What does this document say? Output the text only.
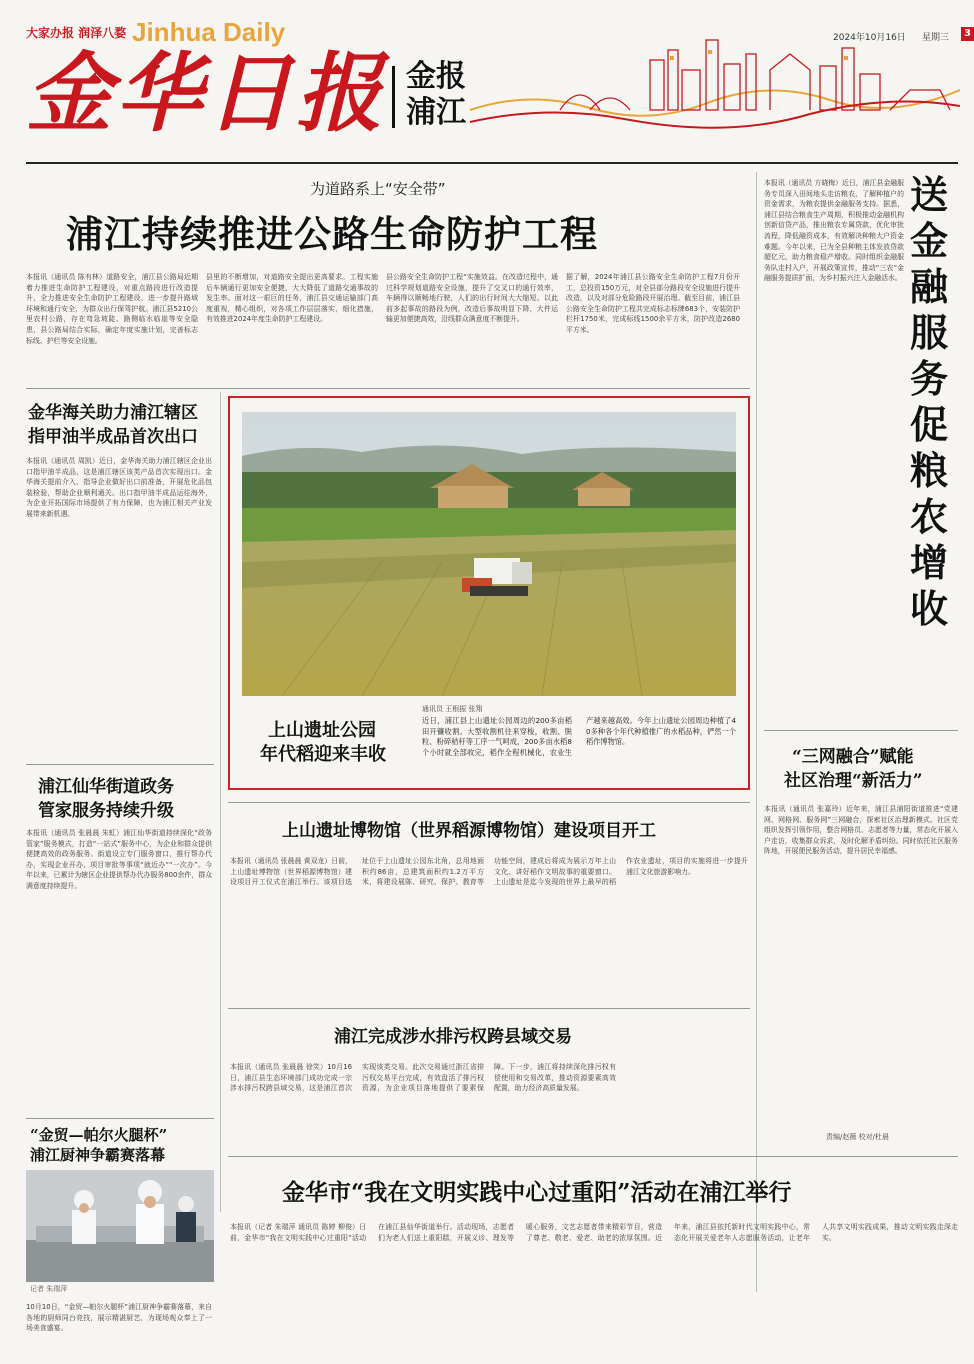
大家办报 润泽八婺 Jinhua Daily
金华日报 金报
浦江
2024年10月16日 星期三	3
为道路系上“安全带”
浦江持续推进公路生命防护工程
本报讯（通讯员 陈有林）道路安全，浦江县公路局近期着力推进生命防护工程建设，对重点路段进行改造提升，全力推进安全生命防护工程建设，进一步提升路域环境和通行安全，为群众出行保驾护航。浦江县5210公里农村公路，存在弯急坡陡、路侧临水临崖等安全隐患，县公路局结合实际，确定年度实施计划，完善标志标线、护栏等安全设施。
县里的不断增加，对道路安全提出更高要求。工程实施后车辆通行更加安全便捷，大大降低了道路交通事故的发生率。面对这一艰巨的任务，浦江县交通运输部门高度重视，精心组织，对各项工作层层落实，细化措施，有效推进2024年度生命防护工程建设。
县公路安全生命防护工程“实施效益。在改造过程中，通过科学规划道路安全设施，提升了交叉口的通行效率，车辆得以顺畅地行驶，人们的出行时间大大缩短。以此前多起事故的路段为例，改造后事故明显下降，大件运输更加便捷高效，沿线群众满意度不断提升。
据了解，2024年浦江县公路安全生命防护工程7月份开工，总投资150万元，对全县部分路段安全设施进行提升改造，以及对部分危险路段开展治理。截至目前，浦江县公路安全生命防护工程共完成标志标牌683个，安装防护栏杆1750米，完成标线1500余平方米，防护改造2680平方米。
本报讯（通讯员 方晓梅）近日，浦江县金融服务专员深入田间地头走访粮农，了解种植户的资金需求，为粮农提供金融服务支持。据悉，浦江县结合粮食生产周期，积极推动金融机构创新信贷产品，推出粮农专属贷款，优化审批流程，降低融资成本，有效解决种粮大户资金难题。今年以来，已为全县种粮主体发放贷款超亿元，助力粮食稳产增收。同时组织金融服务队走村入户，开展政策宣传，推动“三农”金融服务提质扩面，为乡村振兴注入金融活水。
送金融服务 促粮农增收
金华海关助力浦江辖区
指甲油半成品首次出口
本报讯（通讯员 周凯）近日，金华海关助力浦江辖区企业出口指甲油半成品，这是浦江辖区该类产品首次实现出口。金华海关提前介入，指导企业做好出口前准备，开展危化品包装检验，帮助企业顺利通关。出口指甲油半成品运往海外，为企业开拓国际市场提供了有力保障，也为浦江相关产业发展带来新机遇。
浦江仙华街道政务
管家服务持续升级
本报讯（通讯员 张晨晨 朱虹）浦江仙华街道持续深化“政务管家”服务模式，打造“一站式”服务中心，为企业和群众提供便捷高效的政务服务。街道设立专门服务窗口，推行帮办代办，实现企业开办、项目审批等事项“就近办”“一次办”。今年以来，已累计为辖区企业提供帮办代办服务800余件，群众满意度持续提升。
“金贸—帕尔火腿杯”
浦江厨神争霸赛落幕
记者 朱瑞萍
10月10日，“金贸—帕尔火腿杯”浦江厨神争霸赛落幕，来自各地的厨师同台竞技，展示精湛厨艺，为现场观众奉上了一场美食盛宴。
上山遗址公园
年代稻迎来丰收
通讯员 王根振 张翔
近日，浦江县上山遗址公园周边的200多亩稻田开镰收割。大型收割机往来穿梭，收割、脱粒、粉碎秸秆等工序一气呵成，200多亩水稻8个小时就全部收完，稻作全程机械化，农业生产越来越高效。今年上山遗址公园周边种植了40多种各个年代种植推广的水稻品种，俨然一个稻作博物馆。
“三网融合”赋能
社区治理“新活力”
本报讯（通讯员 张嘉玲）近年来，浦江县浦阳街道推进“党建网、网格网、服务网”三网融合，探索社区治理新模式。社区党组织发挥引领作用，整合网格员、志愿者等力量，常态化开展入户走访，收集群众诉求，及时化解矛盾纠纷。同时依托社区服务阵地，开展便民服务活动，提升居民幸福感。
责编/赵薇 校对/杜晨
上山遗址博物馆（世界稻源博物馆）建设项目开工
本报讯（通讯员 张晨晨 黄双龙）日前，上山遗址博物馆（世界稻源博物馆）建设项目开工仪式在浦江举行。该项目选址位于上山遗址公园东北角，总用地面积约86亩，总建筑面积约1.2万平方米，将建设展陈、研究、保护、教育等功能空间，建成后将成为展示万年上山文化、讲好稻作文明故事的重要窗口。上山遗址是迄今发现的世界上最早的稻作农业遗址，项目的实施将进一步提升浦江文化旅游影响力。
浦江完成涉水排污权跨县域交易
本报讯（通讯员 张晨晨 徐笑）10月16日，浦江县生态环境部门成功完成一宗涉水排污权跨县域交易，这是浦江首次实现该类交易。此次交易通过浙江省排污权交易平台完成，有效盘活了排污权资源，为企业项目落地提供了要素保障。下一步，浦江将持续深化排污权有偿使用和交易改革，推动资源要素高效配置，助力经济高质量发展。
金华市“我在文明实践中心过重阳”活动在浦江举行
本报讯（记者 朱瑞萍 通讯员 陈婷 柳俊）日前，金华市“我在文明实践中心过重阳”活动在浦江县仙华街道举行。活动现场，志愿者们为老人们送上重阳糕，开展义诊、理发等暖心服务，文艺志愿者带来精彩节目，营造了尊老、敬老、爱老、助老的浓厚氛围。近年来，浦江县依托新时代文明实践中心，常态化开展关爱老年人志愿服务活动，让老年人共享文明实践成果，推动文明实践走深走实。
